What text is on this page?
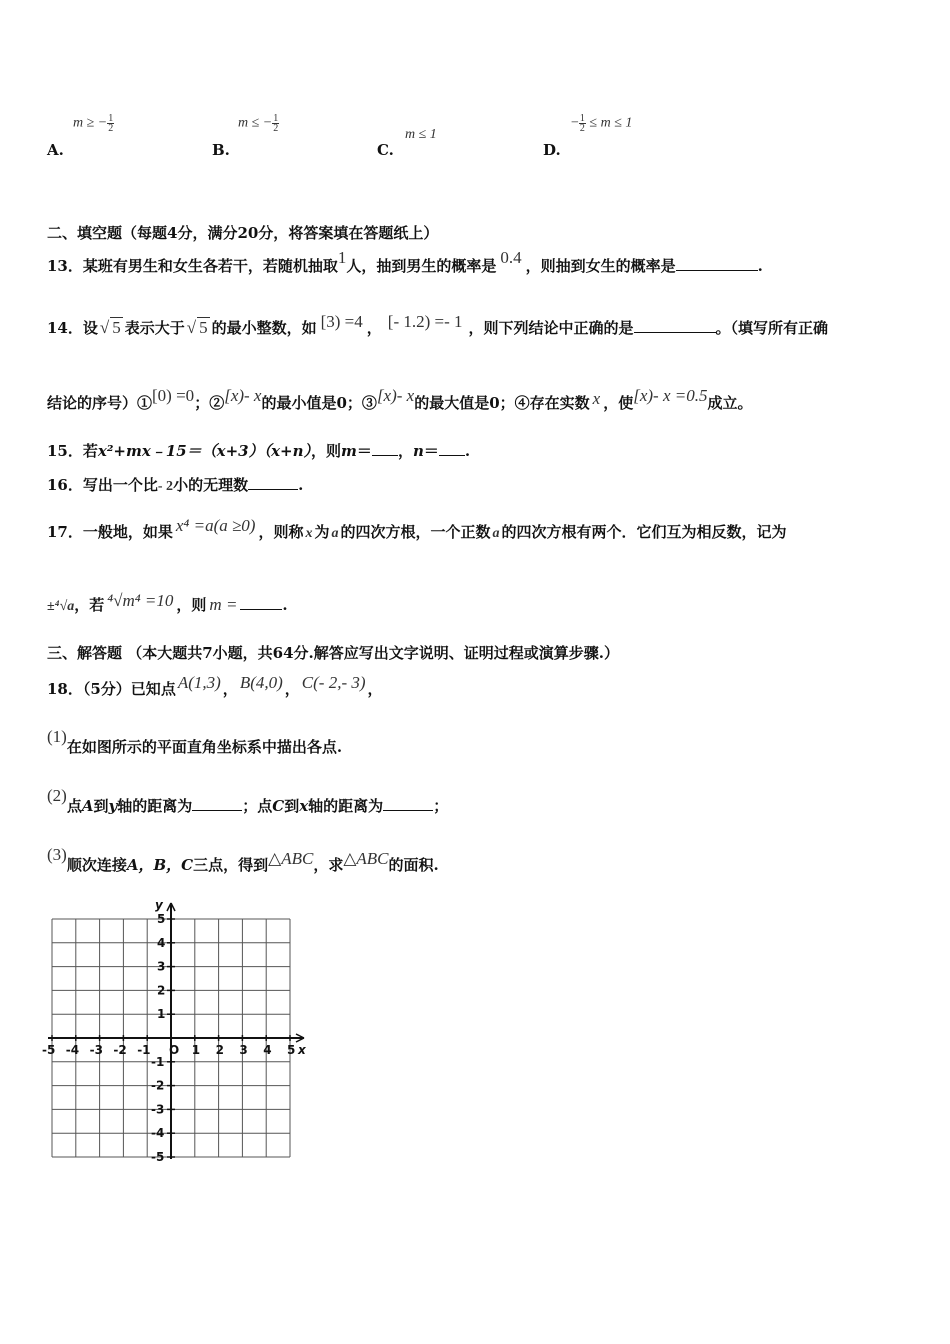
A.
m ≥ − $\frac{1}{2}$
B.
m ≤ − $\frac{1}{2}$
C.
m ≤ 1
D.
− $\frac{1}{2} \le m \le 1$
二、填空题（每题4分，满分20分，将答案填在答题纸上）
13．某班有男生和女生各若干，若随机抽取1人，抽到男生的概率是 0.4 ，则抽到女生的概率是	.
14．设 √ 5 表示大于 √ 5 的最小整数，如 [3) =4 ， [- 1.2) =- 1 ，则下列结论中正确的是	。（填写所有正确
结论的序号）①[0) =0；②[x)- x的最小值是0；③[x)- x的最大值是0；④存在实数 x ，使[x)- x =0.5成立。
15．若x²+mx﹣15＝（x+3）（x+n），则m＝ ，n＝ .
16．写出一个比- 2小的无理数	.
17．一般地，如果 x⁴ =a(a ≥0) ，则称 x 为 a 的四次方根，一个正数 a 的四次方根有两个．它们互为相反数，记为
±⁴√a，若 ⁴√m⁴ =10 ，则 m =	.
三、解答题 （本大题共7小题，共64分.解答应写出文字说明、证明过程或演算步骤.）
18．（5分）已知点 A(1,3) ， B(4,0) ， C(- 2,- 3) ，
(1)在如图所示的平面直角坐标系中描出各点.
(2)点A到y轴的距离为	；点C到x轴的距离为	；
(3)顺次连接A，B，C三点，得到△ABC，求△ABC的面积.
x
y
O
-5 -4 -3 -2 -1	1 2 3 4 5
5
4
3
2
1
-1
-2
-3
-4
-5
